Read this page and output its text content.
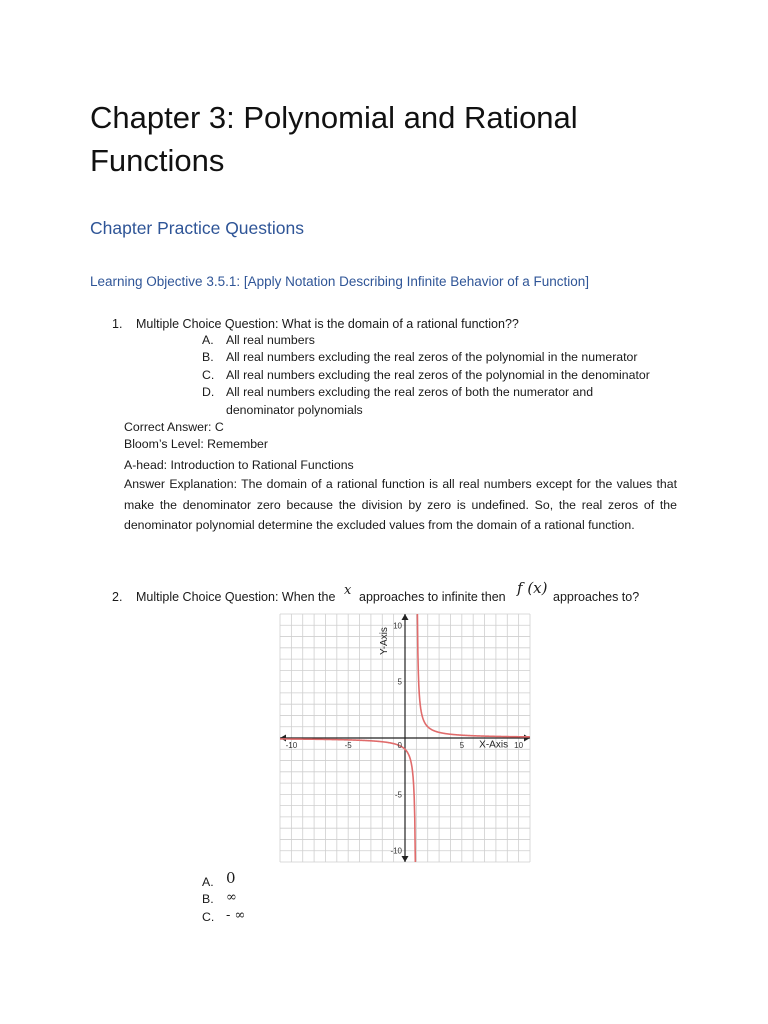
Chapter 3: Polynomial and Rational Functions
Chapter Practice Questions
Learning Objective 3.5.1: [Apply Notation Describing Infinite Behavior of a Function]
1. Multiple Choice Question: What is the domain of a rational function??
A. All real numbers
B. All real numbers excluding the real zeros of the polynomial in the numerator
C. All real numbers excluding the real zeros of the polynomial in the denominator
D. All real numbers excluding the real zeros of both the numerator and
denominator polynomials
Correct Answer: C
Bloom’s Level: Remember
A-head: Introduction to Rational Functions

Answer Explanation: The domain of a rational function is all real numbers except for the values that make the denominator zero because the division by zero is undefined. So, the real zeros of the denominator polynomial determine the excluded values from the domain of a rational function.

2. Multiple Choice Question: When the x approaches to infinite then f (x) approaches to?
-10	-5	5	10
10
5
-5
-10
0	X-Axis
Y-Axis
A. 0
B. ∞
C. - ∞
